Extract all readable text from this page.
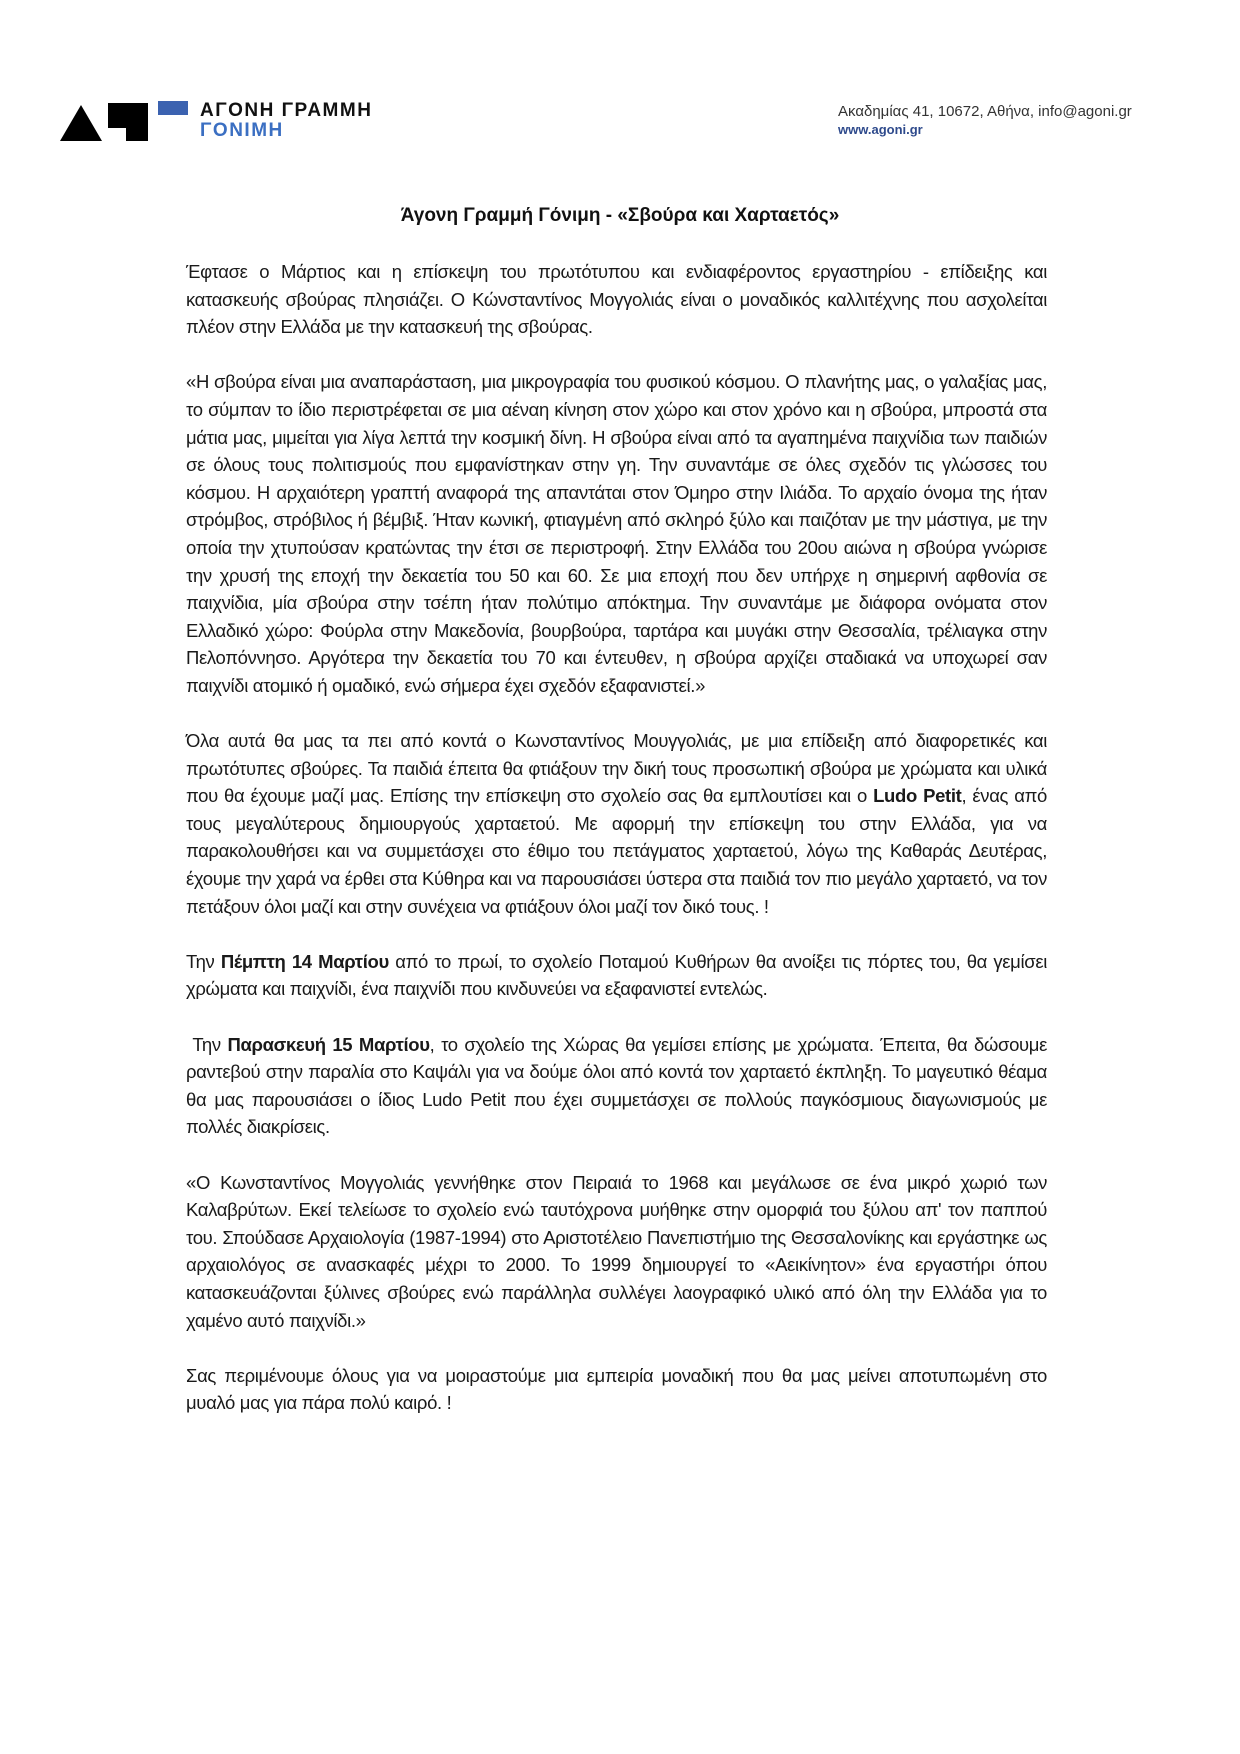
ΑΓΟΝΗ ΓΡΑΜΜΗ
ΓΟΝΙΜΗ
Ακαδημίας 41, 10672, Αθήνα, info@agoni.gr
www.agoni.gr
Άγονη Γραμμή Γόνιμη - «Σβούρα και Χαρταετός»

Έφτασε ο Μάρτιος και η επίσκεψη του πρωτότυπου και ενδιαφέροντος εργαστηρίου - επίδειξης και κατασκευής σβούρας πλησιάζει. Ο Κώνσταντίνος Μογγολιάς είναι ο μοναδικός καλλιτέχνης που ασχολείται πλέον στην Ελλάδα με την κατασκευή της σβούρας.

«Η σβούρα είναι μια αναπαράσταση, μια μικρογραφία του φυσικού κόσμου. Ο πλανήτης μας, ο γαλαξίας μας, το σύμπαν το ίδιο περιστρέφεται σε μια αέναη κίνηση στον χώρο και στον χρόνο και η σβούρα, μπροστά στα μάτια μας, μιμείται για λίγα λεπτά την κοσμική δίνη. Η σβούρα είναι από τα αγαπημένα παιχνίδια των παιδιών σε όλους τους πολιτισμούς που εμφανίστηκαν στην γη. Την συναντάμε σε όλες σχεδόν τις γλώσσες του κόσμου. Η αρχαιότερη γραπτή αναφορά της απαντάται στον Όμηρο στην Ιλιάδα. Το αρχαίο όνομα της ήταν στρόμβος, στρόβιλος ή βέμβιξ. Ήταν κωνική, φτιαγμένη από σκληρό ξύλο και παιζόταν με την μάστιγα, με την οποία την χτυπούσαν κρατώντας την έτσι σε περιστροφή. Στην Ελλάδα του 20ου αιώνα η σβούρα γνώρισε την χρυσή της εποχή την δεκαετία του 50 και 60. Σε μια εποχή που δεν υπήρχε η σημερινή αφθονία σε παιχνίδια, μία σβούρα στην τσέπη ήταν πολύτιμο απόκτημα. Την συναντάμε με διάφορα ονόματα στον Ελλαδικό χώρο: Φούρλα στην Μακεδονία, βουρβούρα, ταρτάρα και μυγάκι στην Θεσσαλία, τρέλιαγκα στην Πελοπόννησο. Αργότερα την δεκαετία του 70 και έντευθεν, η σβούρα αρχίζει σταδιακά να υποχωρεί σαν παιχνίδι ατομικό ή ομαδικό, ενώ σήμερα έχει σχεδόν εξαφανιστεί.»

Όλα αυτά θα μας τα πει από κοντά ο Κωνσταντίνος Μουγγολιάς, με μια επίδειξη από διαφορετικές και πρωτότυπες σβούρες. Τα παιδιά έπειτα θα φτιάξουν την δική τους προσωπική σβούρα με χρώματα και υλικά που θα έχουμε μαζί μας. Επίσης την επίσκεψη στο σχολείο σας θα εμπλουτίσει και ο Ludo Petit, ένας από τους μεγαλύτερους δημιουργούς χαρταετού. Με αφορμή την επίσκεψη του στην Ελλάδα, για να παρακολουθήσει και να συμμετάσχει στο έθιμο του πετάγματος χαρταετού, λόγω της Καθαράς Δευτέρας, έχουμε την χαρά να έρθει στα Κύθηρα και να παρουσιάσει ύστερα στα παιδιά τον πιο μεγάλο χαρταετό, να τον πετάξουν όλοι μαζί και στην συνέχεια να φτιάξουν όλοι μαζί τον δικό τους. !

Την Πέμπτη 14 Μαρτίου από το πρωί, το σχολείο Ποταμού Κυθήρων θα ανοίξει τις πόρτες του, θα γεμίσει χρώματα και παιχνίδι, ένα παιχνίδι που κινδυνεύει να εξαφανιστεί εντελώς.

Την Παρασκευή 15 Μαρτίου, το σχολείο της Χώρας θα γεμίσει επίσης με χρώματα. Έπειτα, θα δώσουμε ραντεβού στην παραλία στο Καψάλι για να δούμε όλοι από κοντά τον χαρταετό έκπληξη. Το μαγευτικό θέαμα θα μας παρουσιάσει ο ίδιος Ludo Petit που έχει συμμετάσχει σε πολλούς παγκόσμιους διαγωνισμούς με πολλές διακρίσεις.

«Ο Κωνσταντίνος Μογγολιάς γεννήθηκε στον Πειραιά το 1968 και μεγάλωσε σε ένα μικρό χωριό των Καλαβρύτων. Εκεί τελείωσε το σχολείο ενώ ταυτόχρονα μυήθηκε στην ομορφιά του ξύλου απ' τον παππού του. Σπούδασε Αρχαιολογία (1987-1994) στο Αριστοτέλειο Πανεπιστήμιο της Θεσσαλονίκης και εργάστηκε ως αρχαιολόγος σε ανασκαφές μέχρι το 2000. Το 1999 δημιουργεί το «Αεικίνητον» ένα εργαστήρι όπου κατασκευάζονται ξύλινες σβούρες ενώ παράλληλα συλλέγει λαογραφικό υλικό από όλη την Ελλάδα για το χαμένο αυτό παιχνίδι.»

Σας περιμένουμε όλους για να μοιραστούμε μια εμπειρία μοναδική που θα μας μείνει αποτυπωμένη στο μυαλό μας για πάρα πολύ καιρό. !
